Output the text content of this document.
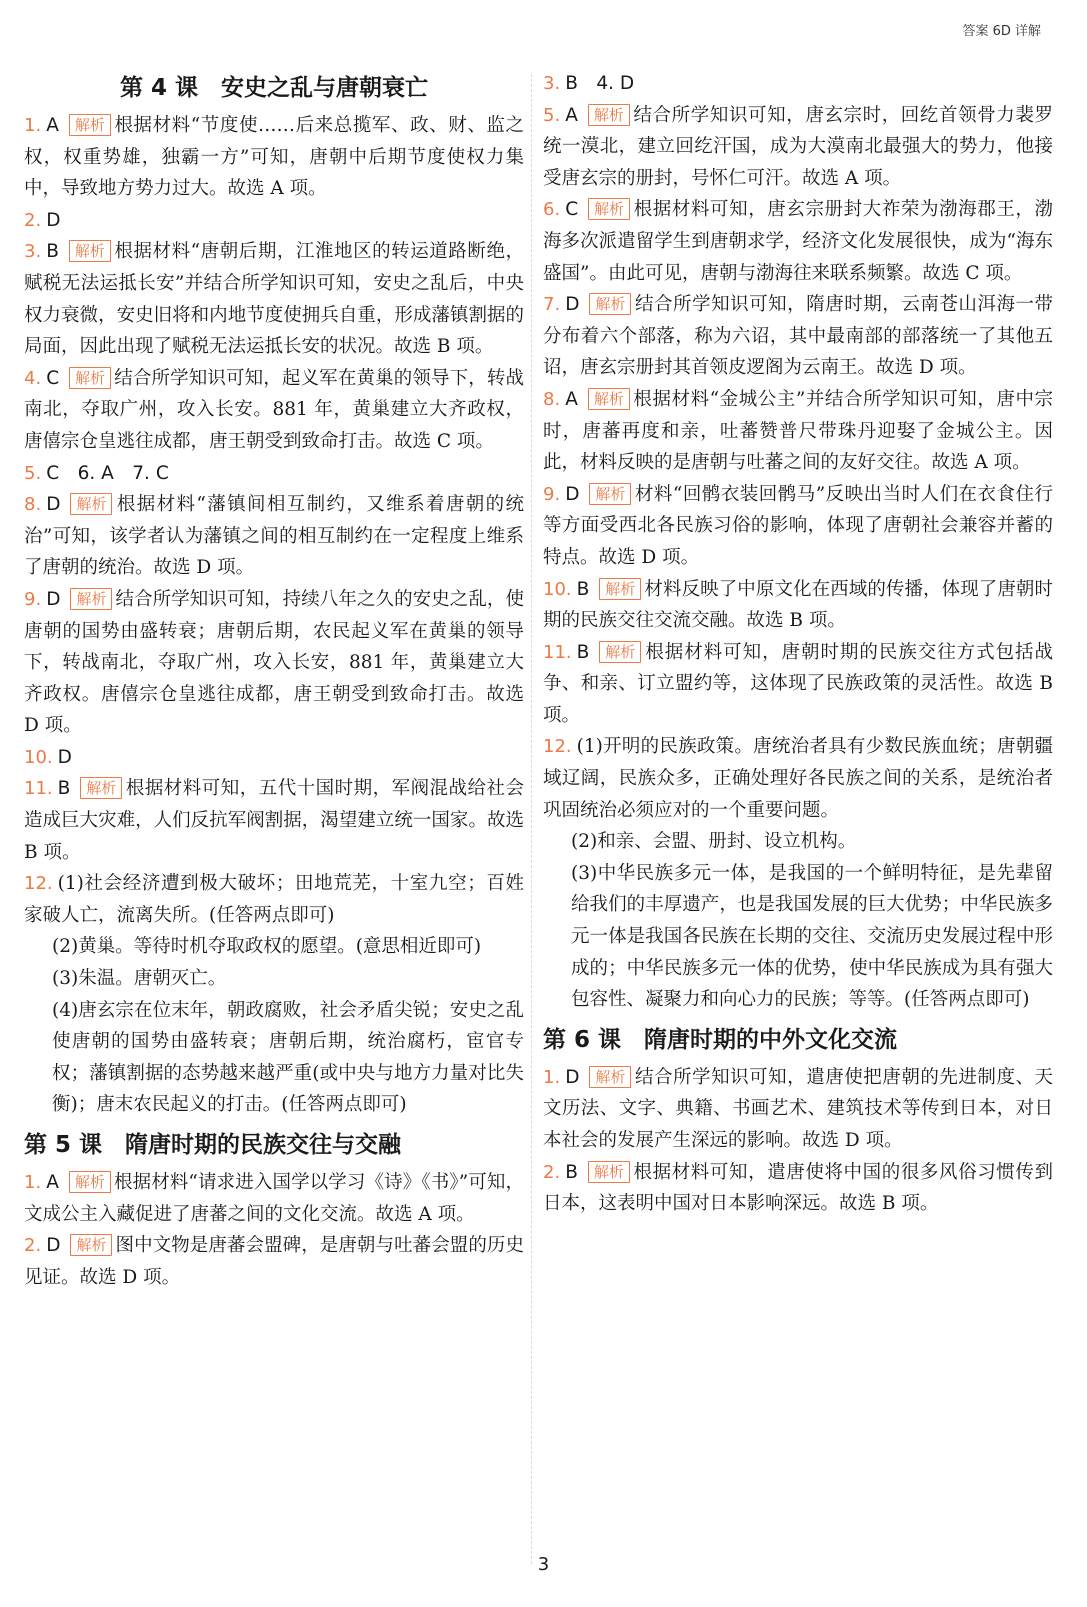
答案 6D 详解
第 4 课　安史之乱与唐朝衰亡

1. A 解析 根据材料“节度使……后来总揽军、政、财、监之权，权重势雄，独霸一方”可知，唐朝中后期节度使权力集中，导致地方势力过大。故选 A 项。

2. D

3. B 解析 根据材料“唐朝后期，江淮地区的转运道路断绝，赋税无法运抵长安”并结合所学知识可知，安史之乱后，中央权力衰微，安史旧将和内地节度使拥兵自重，形成藩镇割据的局面，因此出现了赋税无法运抵长安的状况。故选 B 项。

4. C 解析 结合所学知识可知，起义军在黄巢的领导下，转战南北，夺取广州，攻入长安。881 年，黄巢建立大齐政权，唐僖宗仓皇逃往成都，唐王朝受到致命打击。故选 C 项。

5. C　6. A　7. C

8. D 解析 根据材料“藩镇间相互制约，又维系着唐朝的统治”可知，该学者认为藩镇之间的相互制约在一定程度上维系了唐朝的统治。故选 D 项。

9. D 解析 结合所学知识可知，持续八年之久的安史之乱，使唐朝的国势由盛转衰；唐朝后期，农民起义军在黄巢的领导下，转战南北，夺取广州，攻入长安，881 年，黄巢建立大齐政权。唐僖宗仓皇逃往成都，唐王朝受到致命打击。故选 D 项。

10. D

11. B 解析 根据材料可知，五代十国时期，军阀混战给社会造成巨大灾难，人们反抗军阀割据，渴望建立统一国家。故选 B 项。

12. (1)社会经济遭到极大破坏；田地荒芜，十室九空；百姓家破人亡，流离失所。(任答两点即可)

(2)黄巢。等待时机夺取政权的愿望。(意思相近即可)

(3)朱温。唐朝灭亡。

(4)唐玄宗在位末年，朝政腐败，社会矛盾尖锐；安史之乱使唐朝的国势由盛转衰；唐朝后期，统治腐朽，宦官专权；藩镇割据的态势越来越严重(或中央与地方力量对比失衡)；唐末农民起义的打击。(任答两点即可)

第 5 课　隋唐时期的民族交往与交融

1. A 解析 根据材料“请求进入国学以学习《诗》《书》”可知，文成公主入藏促进了唐蕃之间的文化交流。故选 A 项。

2. D 解析 图中文物是唐蕃会盟碑，是唐朝与吐蕃会盟的历史见证。故选 D 项。

3. B　4. D

5. A 解析 结合所学知识可知，唐玄宗时，回纥首领骨力裴罗统一漠北，建立回纥汗国，成为大漠南北最强大的势力，他接受唐玄宗的册封，号怀仁可汗。故选 A 项。

6. C 解析 根据材料可知，唐玄宗册封大祚荣为渤海郡王，渤海多次派遣留学生到唐朝求学，经济文化发展很快，成为“海东盛国”。由此可见，唐朝与渤海往来联系频繁。故选 C 项。

7. D 解析 结合所学知识可知，隋唐时期，云南苍山洱海一带分布着六个部落，称为六诏，其中最南部的部落统一了其他五诏，唐玄宗册封其首领皮逻阁为云南王。故选 D 项。

8. A 解析 根据材料“金城公主”并结合所学知识可知，唐中宗时，唐蕃再度和亲，吐蕃赞普尺带珠丹迎娶了金城公主。因此，材料反映的是唐朝与吐蕃之间的友好交往。故选 A 项。

9. D 解析 材料“回鹘衣装回鹘马”反映出当时人们在衣食住行等方面受西北各民族习俗的影响，体现了唐朝社会兼容并蓄的特点。故选 D 项。

10. B 解析 材料反映了中原文化在西域的传播，体现了唐朝时期的民族交往交流交融。故选 B 项。

11. B 解析 根据材料可知，唐朝时期的民族交往方式包括战争、和亲、订立盟约等，这体现了民族政策的灵活性。故选 B 项。

12. (1)开明的民族政策。唐统治者具有少数民族血统；唐朝疆域辽阔，民族众多，正确处理好各民族之间的关系，是统治者巩固统治必须应对的一个重要问题。

(2)和亲、会盟、册封、设立机构。

(3)中华民族多元一体，是我国的一个鲜明特征，是先辈留给我们的丰厚遗产，也是我国发展的巨大优势；中华民族多元一体是我国各民族在长期的交往、交流历史发展过程中形成的；中华民族多元一体的优势，使中华民族成为具有强大包容性、凝聚力和向心力的民族；等等。(任答两点即可)

第 6 课　隋唐时期的中外文化交流

1. D 解析 结合所学知识可知，遣唐使把唐朝的先进制度、天文历法、文字、典籍、书画艺术、建筑技术等传到日本，对日本社会的发展产生深远的影响。故选 D 项。

2. B 解析 根据材料可知，遣唐使将中国的很多风俗习惯传到日本，这表明中国对日本影响深远。故选 B 项。

3
